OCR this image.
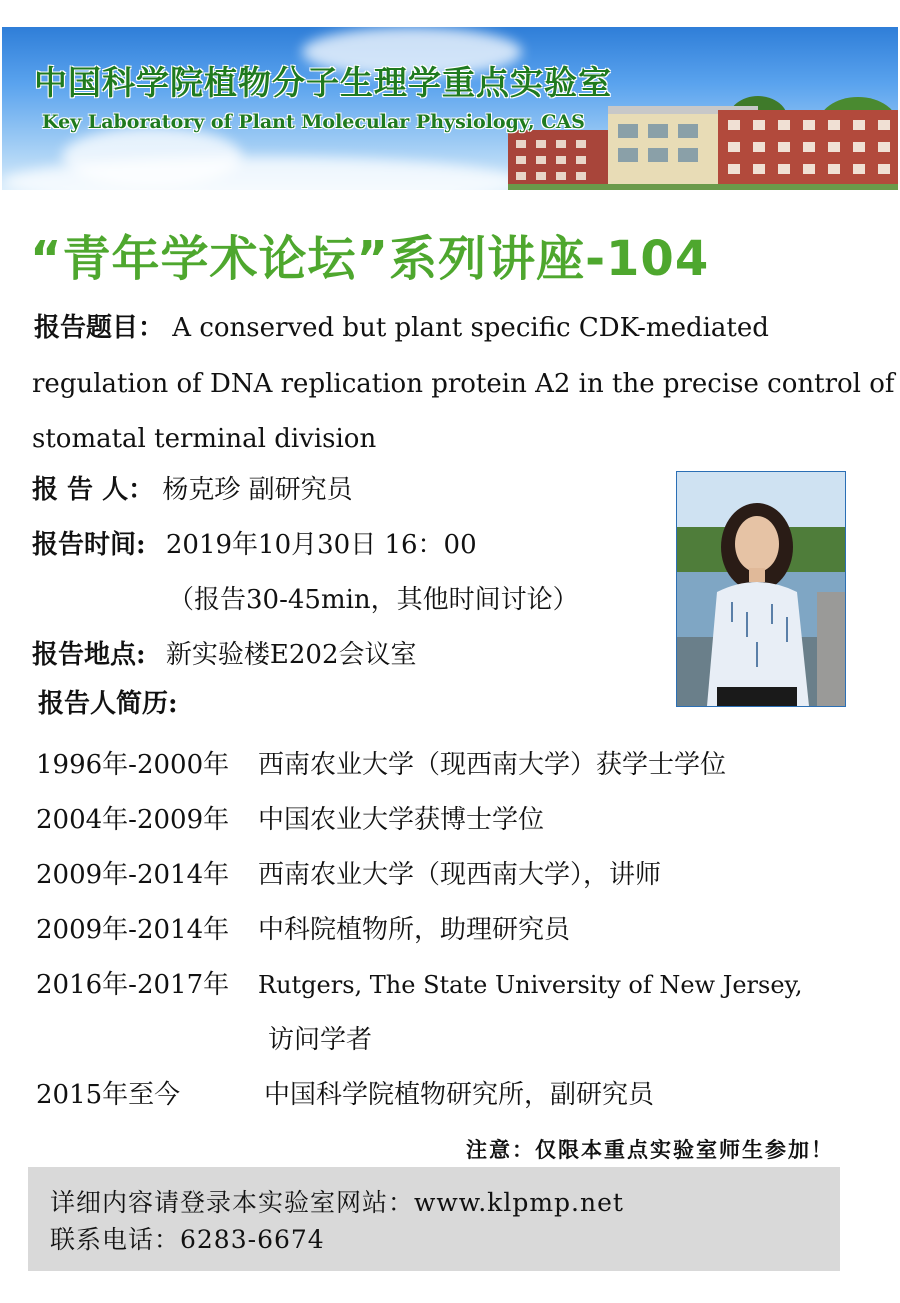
中国科学院植物分子生理学重点实验室
Key Laboratory of Plant Molecular Physiology, CAS
“青年学术论坛”系列讲座-104
报告题目： A conserved but plant specific CDK-mediated
regulation of DNA replication protein A2 in the precise control of
stomatal terminal division
报 告 人： 杨克珍 副研究员
报告时间: 2019年10月30日 16：00
（报告30-45min，其他时间讨论）
报告地点: 新实验楼E202会议室
报告人简历:
1996年-2000年 西南农业大学（现西南大学）获学士学位
2004年-2009年 中国农业大学获博士学位
2009年-2014年 西南农业大学（现西南大学），讲师
2009年-2014年 中科院植物所，助理研究员
2016年-2017年 Rutgers, The State University of New Jersey,
访问学者
2015年至今	中国科学院植物研究所，副研究员
注意：仅限本重点实验室师生参加！
详细内容请登录本实验室网站：www.klpmp.net
联系电话：6283-6674
